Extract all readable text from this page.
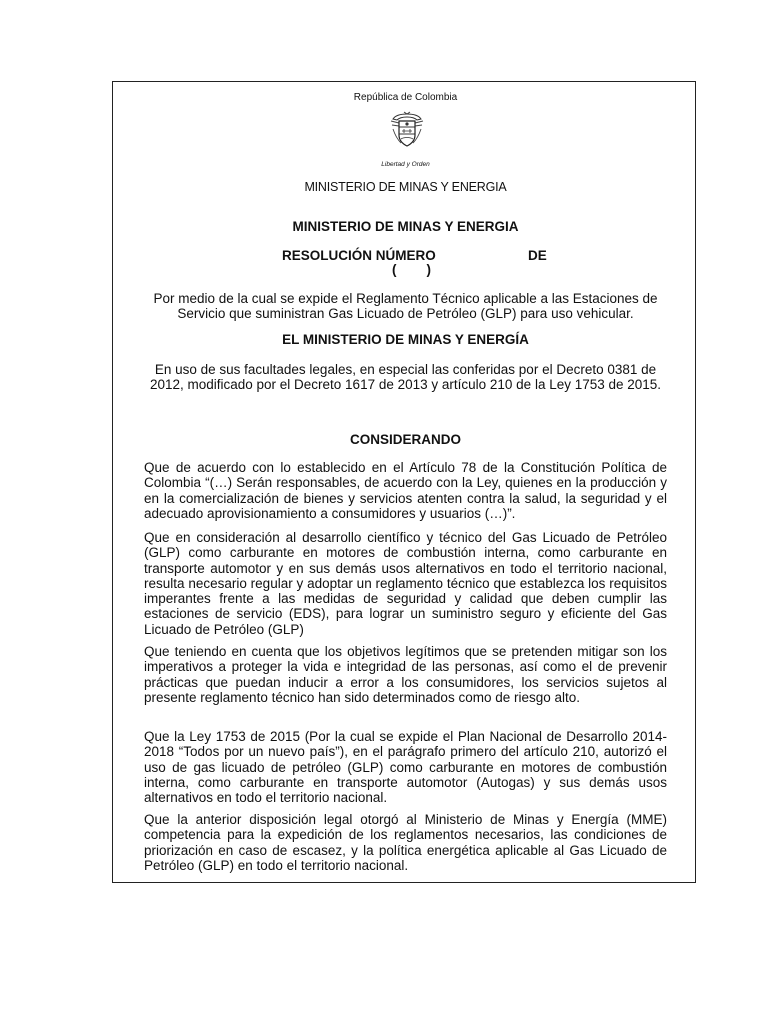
República de Colombia
Libertad y Orden
MINISTERIO DE MINAS Y ENERGIA
MINISTERIO DE MINAS Y ENERGIA
RESOLUCIÓN NÚMERO	DE
(        )

Por medio de la cual se expide el Reglamento Técnico aplicable a las Estaciones de Servicio que suministran Gas Licuado de Petróleo (GLP) para uso vehicular.

EL MINISTERIO DE MINAS Y ENERGÍA

En uso de sus facultades legales, en especial las conferidas por el Decreto 0381 de 2012, modificado por el Decreto 1617 de 2013 y artículo 210 de la Ley 1753 de 2015.

CONSIDERANDO

Que de acuerdo con lo establecido en el Artículo 78 de la Constitución Política de Colombia “(…) Serán responsables, de acuerdo con la Ley, quienes en la producción y en la comercialización de bienes y servicios atenten contra la salud, la seguridad y el adecuado aprovisionamiento a consumidores y usuarios (…)”.

Que en consideración al desarrollo científico y técnico del Gas Licuado de Petróleo (GLP) como carburante en motores de combustión interna, como carburante en transporte automotor y en sus demás usos alternativos en todo el territorio nacional, resulta necesario regular y adoptar un reglamento técnico que establezca los requisitos imperantes frente a las medidas de seguridad y calidad que deben cumplir las estaciones de servicio (EDS), para lograr un suministro seguro y eficiente del Gas Licuado de Petróleo (GLP)

Que teniendo en cuenta que los objetivos legítimos que se pretenden mitigar son los imperativos a proteger la vida e integridad de las personas, así como el de prevenir prácticas que puedan inducir a error a los consumidores, los servicios sujetos al presente reglamento técnico han sido determinados como de riesgo alto.

Que la Ley 1753 de 2015 (Por la cual se expide el Plan Nacional de Desarrollo 2014-2018 “Todos por un nuevo país”), en el parágrafo primero del artículo 210, autorizó el uso de gas licuado de petróleo (GLP) como carburante en motores de combustión interna, como carburante en transporte automotor (Autogas) y sus demás usos alternativos en todo el territorio nacional.

Que la anterior disposición legal otorgó al Ministerio de Minas y Energía (MME) competencia para la expedición de los reglamentos necesarios, las condiciones de priorización en caso de escasez, y la política energética aplicable al Gas Licuado de Petróleo (GLP) en todo el territorio nacional.
